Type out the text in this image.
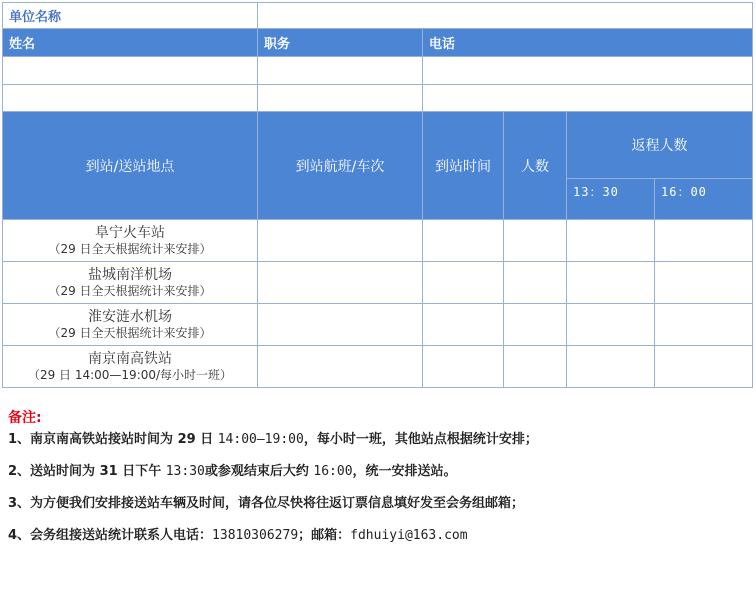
单位名称					
姓名	职务	电话			

到站/送站地点	到站航班/车次	到站时间	人数	返程人数	
				13：30	16：00

阜宁火车站
（29 日全天根据统计来安排）					

盐城南洋机场
（29 日全天根据统计来安排）					

淮安涟水机场
（29 日全天根据统计来安排）					

南京南高铁站
（29 日 14:00—19:00/每小时一班）					

备注:
1、南京南高铁站接站时间为 29 日 14:00—19:00，每小时一班，其他站点根据统计安排；
2、送站时间为 31 日下午 13:30或参观结束后大约 16:00，统一安排送站。
3、为方便我们安排接送站车辆及时间，请各位尽快将往返订票信息填好发至会务组邮箱；
4、会务组接送站统计联系人电话：13810306279；邮箱：fdhuiyi@163.com
